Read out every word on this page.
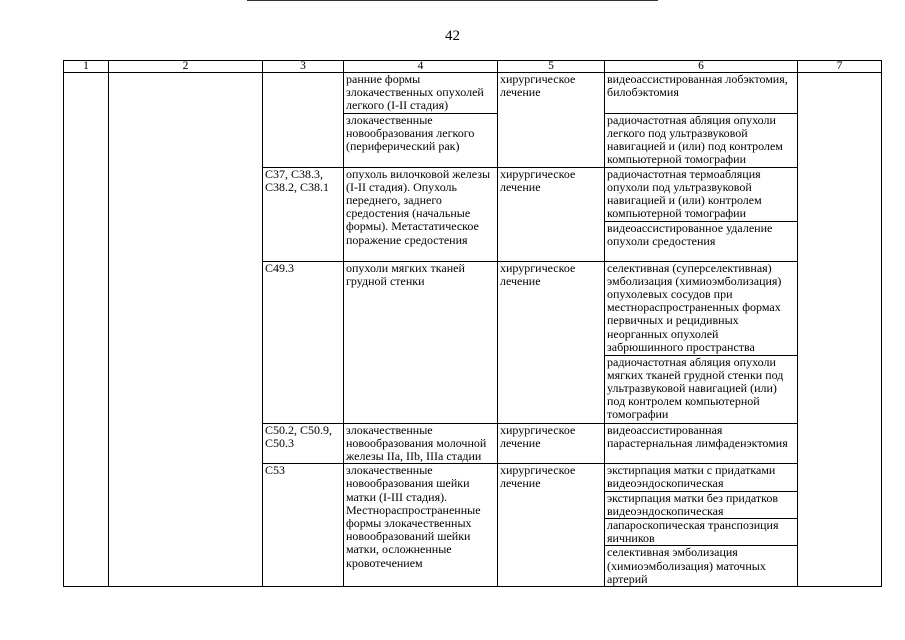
42
1	2	3	4	5	6	7
			ранние формы злокачественных опухолей легкого (I-II стадия)	хирургическое лечение	видеоассистированная лобэктомия, билобэктомия	
			злокачественные новообразования легкого (периферический рак)		радиочастотная абляция опухоли легкого под ультразвуковой навигацией и (или) под контролем компьютерной томографии	
		C37, C38.3, C38.2, C38.1	опухоль вилочковой железы (I-II стадия). Опухоль переднего, заднего средостения (начальные формы). Метастатическое поражение средостения	хирургическое лечение	радиочастотная термоабляция опухоли под ультразвуковой навигацией и (или) контролем компьютерной томографии	
					видеоассистированное удаление опухоли средостения	
		C49.3	опухоли мягких тканей грудной стенки	хирургическое лечение	селективная (суперселективная) эмболизация (химиоэмболизация) опухолевых сосудов при местнораспространенных формах первичных и рецидивных неорганных опухолей забрюшинного пространства	
					радиочастотная абляция опухоли мягких тканей грудной стенки под ультразвуковой навигацией (или) под контролем компьютерной томографии	
		C50.2, C50.9, C50.3	злокачественные новообразования молочной железы IIa, IIb, IIIa стадии	хирургическое лечение	видеоассистированная парастернальная лимфаденэктомия	
		C53	злокачественные новообразования шейки матки (I-III стадия). Местнораспространенные формы злокачественных новообразований шейки матки, осложненные кровотечением	хирургическое лечение	экстирпация матки с придатками видеоэндоскопическая	
					экстирпация матки без придатков видеоэндоскопическая	
					лапароскопическая транспозиция яичников	
					селективная эмболизация (химиоэмболизация) маточных артерий	
